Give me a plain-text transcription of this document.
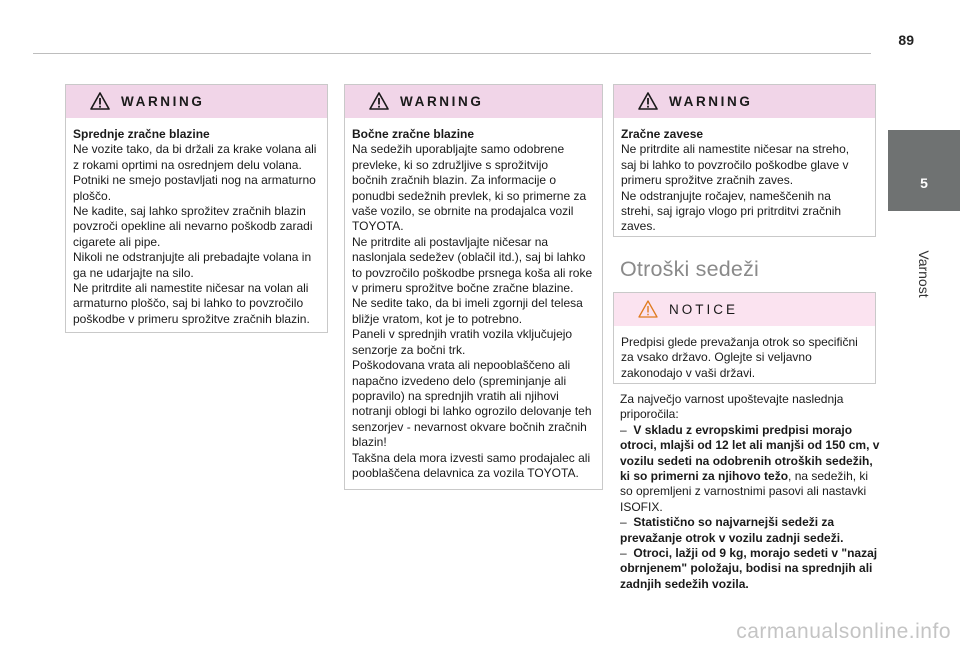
89
5
Varnost
WARNING

Sprednje zračne blazine

Ne vozite tako, da bi držali za krake volana ali

z rokami oprtimi na osrednjem delu volana.

Potniki ne smejo postavljati nog na armaturno

ploščo.

Ne kadite, saj lahko sprožitev zračnih blazin

povzroči opekline ali nevarno poškodb zaradi

cigarete ali pipe.

Nikoli ne odstranjujte ali prebadajte volana in

ga ne udarjajte na silo.

Ne pritrdite ali namestite ničesar na volan ali

armaturno ploščo, saj bi lahko to povzročilo

poškodbe v primeru sprožitve zračnih blazin.

WARNING

Bočne zračne blazine

Na sedežih uporabljajte samo odobrene

prevleke, ki so združljive s sprožitvijo

bočnih zračnih blazin. Za informacije o

ponudbi sedežnih prevlek, ki so primerne za

vaše vozilo, se obrnite na prodajalca vozil

TOYOTA.

Ne pritrdite ali postavljajte ničesar na

naslonjala sedežev (oblačil itd.), saj bi lahko

to povzročilo poškodbe prsnega koša ali roke

v primeru sprožitve bočne zračne blazine.

Ne sedite tako, da bi imeli zgornji del telesa

bližje vratom, kot je to potrebno.

Paneli v sprednjih vratih vozila vključujejo

senzorje za bočni trk.

Poškodovana vrata ali nepooblaščeno ali

napačno izvedeno delo (spreminjanje ali

popravilo) na sprednjih vratih ali njihovi

notranji oblogi bi lahko ogrozilo delovanje teh

senzorjev - nevarnost okvare bočnih zračnih

blazin!

Takšna dela mora izvesti samo prodajalec ali

pooblaščena delavnica za vozila TOYOTA.

WARNING

Zračne zavese

Ne pritrdite ali namestite ničesar na streho,

saj bi lahko to povzročilo poškodbe glave v

primeru sprožitve zračnih zaves.

Ne odstranjujte ročajev, nameščenih na

strehi, saj igrajo vlogo pri pritrditvi zračnih

zaves.

Otroški sedeži
NOTICE

Predpisi glede prevažanja otrok so specifični

za vsako državo. Oglejte si veljavno

zakonodajo v vaši državi.

Za največjo varnost upoštevajte naslednja

priporočila:

– V skladu z evropskimi predpisi morajo otroci, mlajši od 12 let ali manjši od 150 cm, v vozilu sedeti na odobrenih otroških sedežih, ki so primerni za njihovo težo, na sedežih, ki so opremljeni z varnostnimi pasovi ali nastavki ISOFIX.

– Statistično so najvarnejši sedeži za prevažanje otrok v vozilu zadnji sedeži.

– Otroci, lažji od 9 kg, morajo sedeti v "nazaj obrnjenem" položaju, bodisi na sprednjih ali zadnjih sedežih vozila.

carmanualsonline.info
